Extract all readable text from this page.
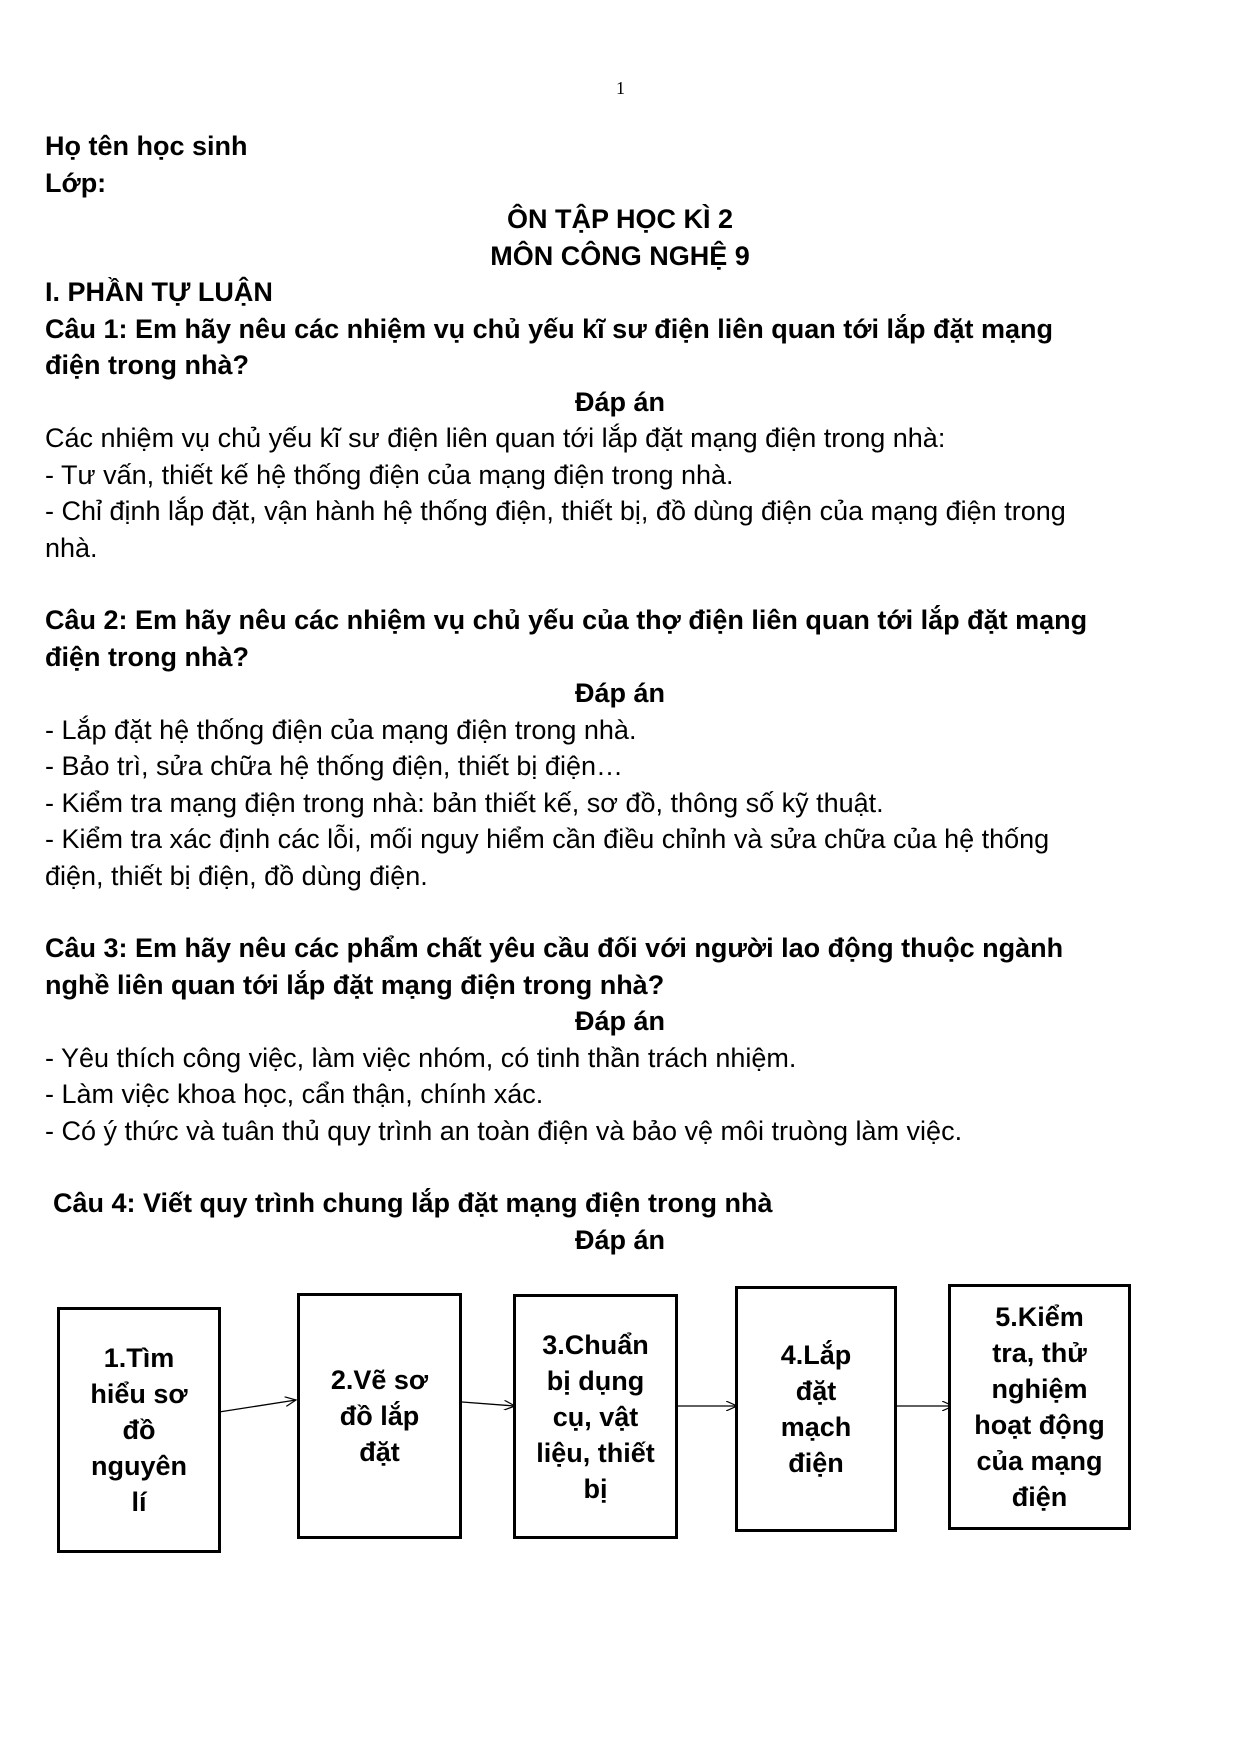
1
Họ tên học sinh
Lớp:
ÔN TẬP HỌC KÌ 2
MÔN CÔNG NGHỆ 9
I. PHẦN TỰ LUẬN
Câu 1: Em hãy nêu các nhiệm vụ chủ yếu kĩ sư điện liên quan tới lắp đặt mạng
điện trong nhà?
Đáp án
Các nhiệm vụ chủ yếu kĩ sư điện liên quan tới lắp đặt mạng điện trong nhà:
- Tư vấn, thiết kế hệ thống điện của mạng điện trong nhà.
- Chỉ định lắp đặt, vận hành hệ thống điện, thiết bị, đồ dùng điện của mạng điện trong
nhà.
Câu 2: Em hãy nêu các nhiệm vụ chủ yếu của thợ điện liên quan tới lắp đặt mạng
điện trong nhà?
Đáp án
- Lắp đặt hệ thống điện của mạng điện trong nhà.
- Bảo trì, sửa chữa hệ thống điện, thiết bị điện…
- Kiểm tra mạng điện trong nhà: bản thiết kế, sơ đồ, thông số kỹ thuật.
- Kiểm tra xác định các lỗi, mối nguy hiểm cần điều chỉnh và sửa chữa của hệ thống
điện, thiết bị điện, đồ dùng điện.
Câu 3: Em hãy nêu các phẩm chất yêu cầu đối với người lao động thuộc ngành
nghề liên quan tới lắp đặt mạng điện trong nhà?
Đáp án
- Yêu thích công việc, làm việc nhóm, có tinh thần trách nhiệm.
- Làm việc khoa học, cẩn thận, chính xác.
- Có ý thức và tuân thủ quy trình an toàn điện và bảo vệ môi truòng làm việc.
Câu 4: Viết quy trình chung lắp đặt mạng điện trong nhà
Đáp án
1.Tìm
hiểu sơ
đồ
nguyên
lí
2.Vẽ sơ
đồ lắp
đặt
3.Chuẩn
bị dụng
cụ, vật
liệu, thiết
bị
4.Lắp
đặt
mạch
điện
5.Kiểm
tra, thử
nghiệm
hoạt động
của mạng
điện
